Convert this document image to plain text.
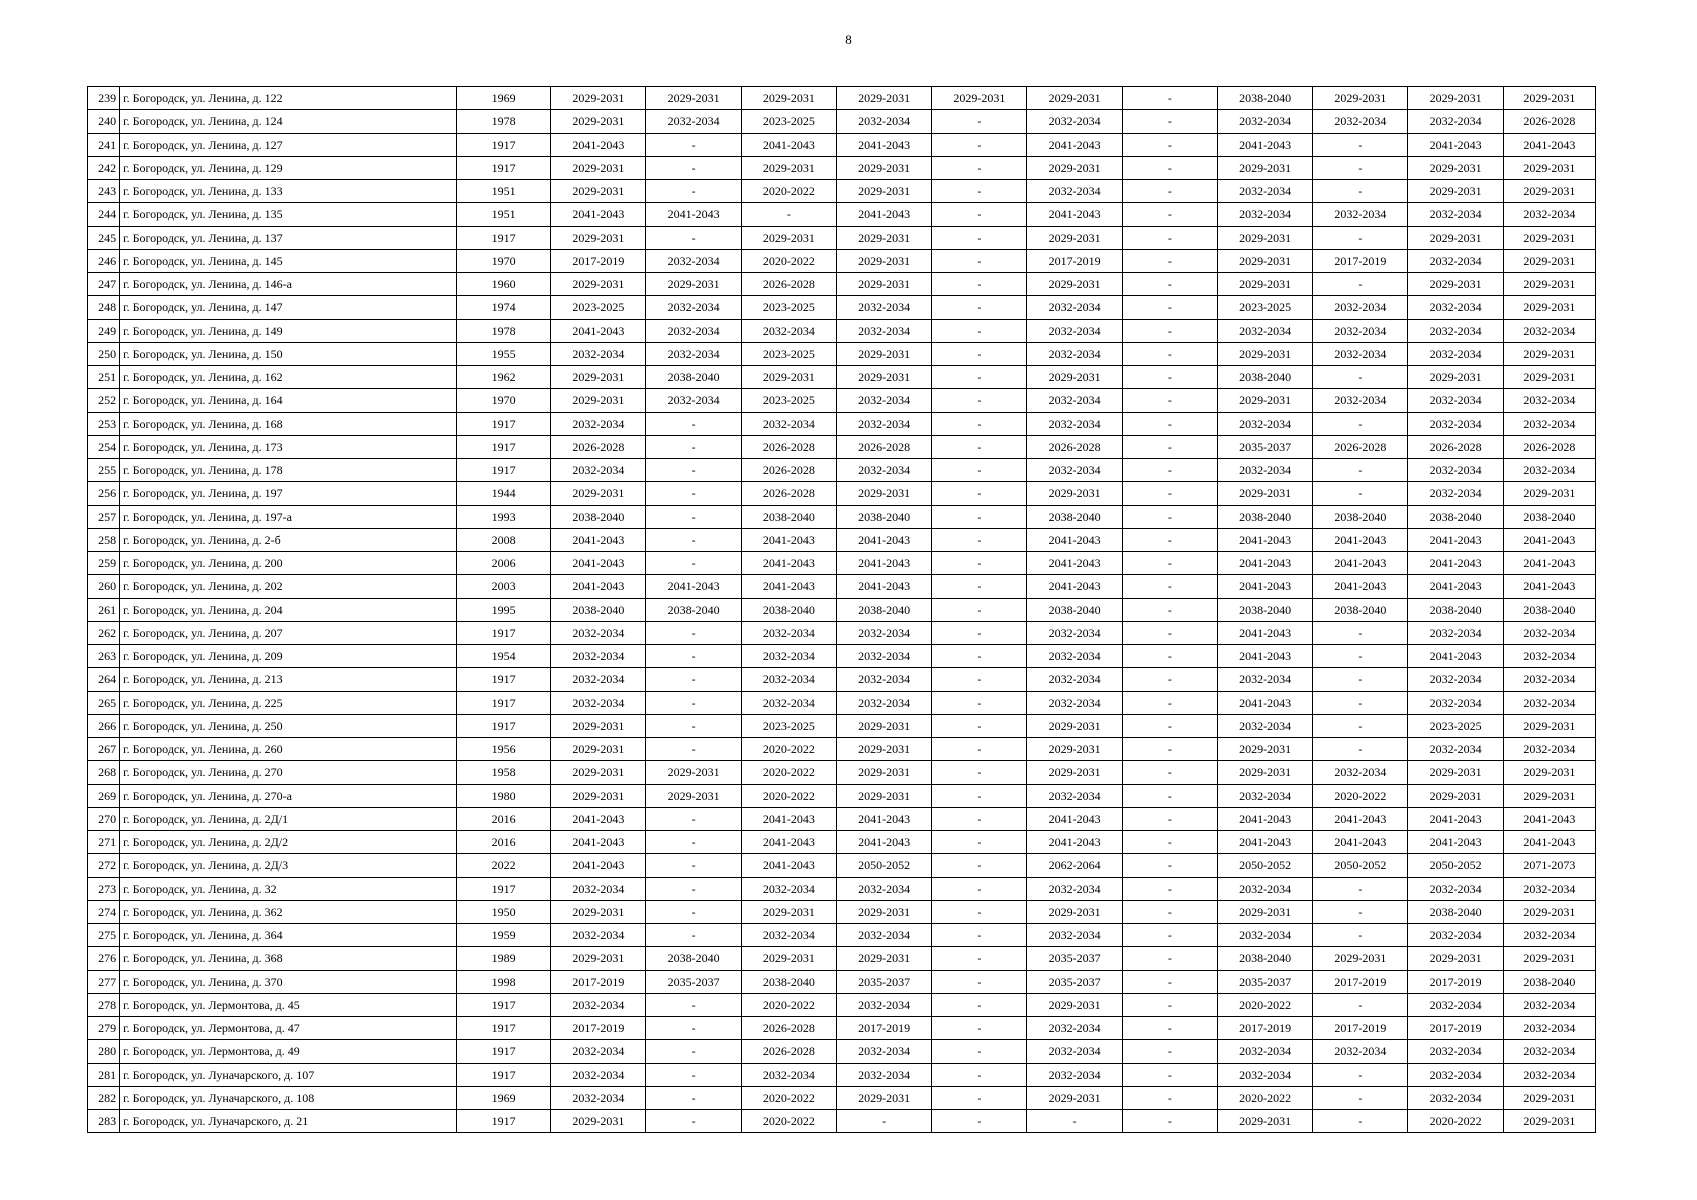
8
239	г. Богородск, ул. Ленина, д. 122	1969	2029-2031	2029-2031	2029-2031	2029-2031	2029-2031	2029-2031	-	2038-2040	2029-2031	2029-2031	2029-2031
240	г. Богородск, ул. Ленина, д. 124	1978	2029-2031	2032-2034	2023-2025	2032-2034	-	2032-2034	-	2032-2034	2032-2034	2032-2034	2026-2028
241	г. Богородск, ул. Ленина, д. 127	1917	2041-2043	-	2041-2043	2041-2043	-	2041-2043	-	2041-2043	-	2041-2043	2041-2043
242	г. Богородск, ул. Ленина, д. 129	1917	2029-2031	-	2029-2031	2029-2031	-	2029-2031	-	2029-2031	-	2029-2031	2029-2031
243	г. Богородск, ул. Ленина, д. 133	1951	2029-2031	-	2020-2022	2029-2031	-	2032-2034	-	2032-2034	-	2029-2031	2029-2031
244	г. Богородск, ул. Ленина, д. 135	1951	2041-2043	2041-2043	-	2041-2043	-	2041-2043	-	2032-2034	2032-2034	2032-2034	2032-2034
245	г. Богородск, ул. Ленина, д. 137	1917	2029-2031	-	2029-2031	2029-2031	-	2029-2031	-	2029-2031	-	2029-2031	2029-2031
246	г. Богородск, ул. Ленина, д. 145	1970	2017-2019	2032-2034	2020-2022	2029-2031	-	2017-2019	-	2029-2031	2017-2019	2032-2034	2029-2031
247	г. Богородск, ул. Ленина, д. 146-а	1960	2029-2031	2029-2031	2026-2028	2029-2031	-	2029-2031	-	2029-2031	-	2029-2031	2029-2031
248	г. Богородск, ул. Ленина, д. 147	1974	2023-2025	2032-2034	2023-2025	2032-2034	-	2032-2034	-	2023-2025	2032-2034	2032-2034	2029-2031
249	г. Богородск, ул. Ленина, д. 149	1978	2041-2043	2032-2034	2032-2034	2032-2034	-	2032-2034	-	2032-2034	2032-2034	2032-2034	2032-2034
250	г. Богородск, ул. Ленина, д. 150	1955	2032-2034	2032-2034	2023-2025	2029-2031	-	2032-2034	-	2029-2031	2032-2034	2032-2034	2029-2031
251	г. Богородск, ул. Ленина, д. 162	1962	2029-2031	2038-2040	2029-2031	2029-2031	-	2029-2031	-	2038-2040	-	2029-2031	2029-2031
252	г. Богородск, ул. Ленина, д. 164	1970	2029-2031	2032-2034	2023-2025	2032-2034	-	2032-2034	-	2029-2031	2032-2034	2032-2034	2032-2034
253	г. Богородск, ул. Ленина, д. 168	1917	2032-2034	-	2032-2034	2032-2034	-	2032-2034	-	2032-2034	-	2032-2034	2032-2034
254	г. Богородск, ул. Ленина, д. 173	1917	2026-2028	-	2026-2028	2026-2028	-	2026-2028	-	2035-2037	2026-2028	2026-2028	2026-2028
255	г. Богородск, ул. Ленина, д. 178	1917	2032-2034	-	2026-2028	2032-2034	-	2032-2034	-	2032-2034	-	2032-2034	2032-2034
256	г. Богородск, ул. Ленина, д. 197	1944	2029-2031	-	2026-2028	2029-2031	-	2029-2031	-	2029-2031	-	2032-2034	2029-2031
257	г. Богородск, ул. Ленина, д. 197-а	1993	2038-2040	-	2038-2040	2038-2040	-	2038-2040	-	2038-2040	2038-2040	2038-2040	2038-2040
258	г. Богородск, ул. Ленина, д. 2-б	2008	2041-2043	-	2041-2043	2041-2043	-	2041-2043	-	2041-2043	2041-2043	2041-2043	2041-2043
259	г. Богородск, ул. Ленина, д. 200	2006	2041-2043	-	2041-2043	2041-2043	-	2041-2043	-	2041-2043	2041-2043	2041-2043	2041-2043
260	г. Богородск, ул. Ленина, д. 202	2003	2041-2043	2041-2043	2041-2043	2041-2043	-	2041-2043	-	2041-2043	2041-2043	2041-2043	2041-2043
261	г. Богородск, ул. Ленина, д. 204	1995	2038-2040	2038-2040	2038-2040	2038-2040	-	2038-2040	-	2038-2040	2038-2040	2038-2040	2038-2040
262	г. Богородск, ул. Ленина, д. 207	1917	2032-2034	-	2032-2034	2032-2034	-	2032-2034	-	2041-2043	-	2032-2034	2032-2034
263	г. Богородск, ул. Ленина, д. 209	1954	2032-2034	-	2032-2034	2032-2034	-	2032-2034	-	2041-2043	-	2041-2043	2032-2034
264	г. Богородск, ул. Ленина, д. 213	1917	2032-2034	-	2032-2034	2032-2034	-	2032-2034	-	2032-2034	-	2032-2034	2032-2034
265	г. Богородск, ул. Ленина, д. 225	1917	2032-2034	-	2032-2034	2032-2034	-	2032-2034	-	2041-2043	-	2032-2034	2032-2034
266	г. Богородск, ул. Ленина, д. 250	1917	2029-2031	-	2023-2025	2029-2031	-	2029-2031	-	2032-2034	-	2023-2025	2029-2031
267	г. Богородск, ул. Ленина, д. 260	1956	2029-2031	-	2020-2022	2029-2031	-	2029-2031	-	2029-2031	-	2032-2034	2032-2034
268	г. Богородск, ул. Ленина, д. 270	1958	2029-2031	2029-2031	2020-2022	2029-2031	-	2029-2031	-	2029-2031	2032-2034	2029-2031	2029-2031
269	г. Богородск, ул. Ленина, д. 270-а	1980	2029-2031	2029-2031	2020-2022	2029-2031	-	2032-2034	-	2032-2034	2020-2022	2029-2031	2029-2031
270	г. Богородск, ул. Ленина, д. 2Д/1	2016	2041-2043	-	2041-2043	2041-2043	-	2041-2043	-	2041-2043	2041-2043	2041-2043	2041-2043
271	г. Богородск, ул. Ленина, д. 2Д/2	2016	2041-2043	-	2041-2043	2041-2043	-	2041-2043	-	2041-2043	2041-2043	2041-2043	2041-2043
272	г. Богородск, ул. Ленина, д. 2Д/3	2022	2041-2043	-	2041-2043	2050-2052	-	2062-2064	-	2050-2052	2050-2052	2050-2052	2071-2073
273	г. Богородск, ул. Ленина, д. 32	1917	2032-2034	-	2032-2034	2032-2034	-	2032-2034	-	2032-2034	-	2032-2034	2032-2034
274	г. Богородск, ул. Ленина, д. 362	1950	2029-2031	-	2029-2031	2029-2031	-	2029-2031	-	2029-2031	-	2038-2040	2029-2031
275	г. Богородск, ул. Ленина, д. 364	1959	2032-2034	-	2032-2034	2032-2034	-	2032-2034	-	2032-2034	-	2032-2034	2032-2034
276	г. Богородск, ул. Ленина, д. 368	1989	2029-2031	2038-2040	2029-2031	2029-2031	-	2035-2037	-	2038-2040	2029-2031	2029-2031	2029-2031
277	г. Богородск, ул. Ленина, д. 370	1998	2017-2019	2035-2037	2038-2040	2035-2037	-	2035-2037	-	2035-2037	2017-2019	2017-2019	2038-2040
278	г. Богородск, ул. Лермонтова, д. 45	1917	2032-2034	-	2020-2022	2032-2034	-	2029-2031	-	2020-2022	-	2032-2034	2032-2034
279	г. Богородск, ул. Лермонтова, д. 47	1917	2017-2019	-	2026-2028	2017-2019	-	2032-2034	-	2017-2019	2017-2019	2017-2019	2032-2034
280	г. Богородск, ул. Лермонтова, д. 49	1917	2032-2034	-	2026-2028	2032-2034	-	2032-2034	-	2032-2034	2032-2034	2032-2034	2032-2034
281	г. Богородск, ул. Луначарского, д. 107	1917	2032-2034	-	2032-2034	2032-2034	-	2032-2034	-	2032-2034	-	2032-2034	2032-2034
282	г. Богородск, ул. Луначарского, д. 108	1969	2032-2034	-	2020-2022	2029-2031	-	2029-2031	-	2020-2022	-	2032-2034	2029-2031
283	г. Богородск, ул. Луначарского, д. 21	1917	2029-2031	-	2020-2022	-	-	-	-	2029-2031	-	2020-2022	2029-2031
